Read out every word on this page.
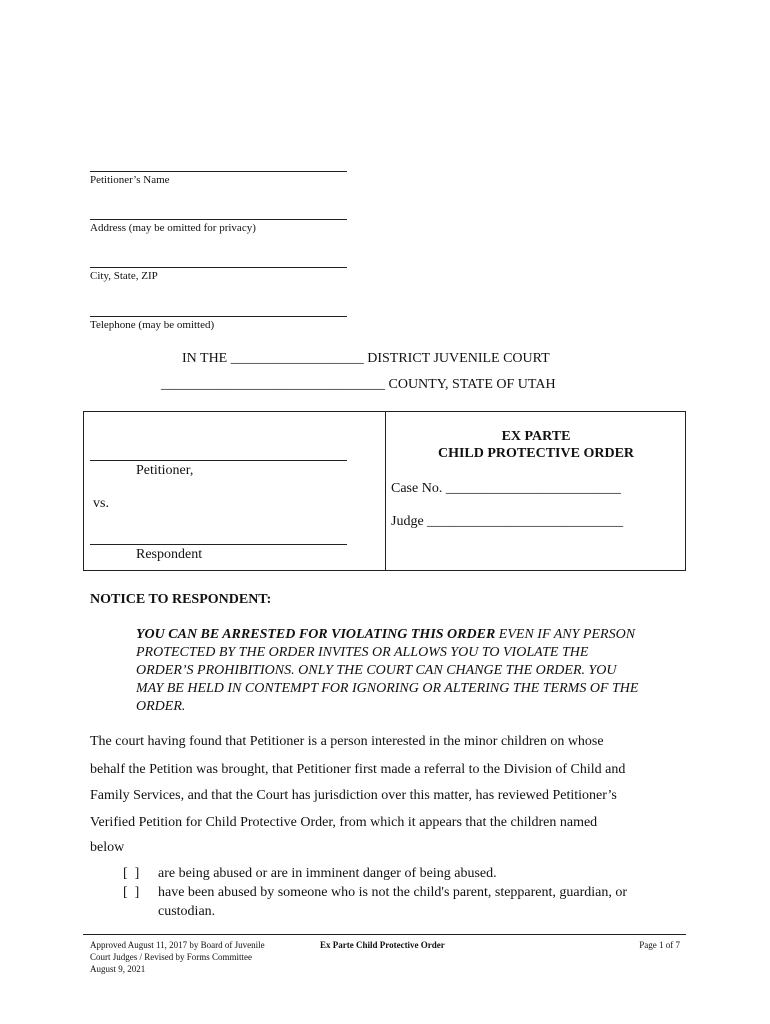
Petitioner’s Name
Address (may be omitted for privacy)
City, State, ZIP
Telephone (may be omitted)
IN THE ___________________ DISTRICT JUVENILE COURT
________________________________ COUNTY, STATE OF UTAH
Petitioner,
vs.
Respondent
EX PARTE
CHILD PROTECTIVE ORDER
Case No. _________________________
Judge ____________________________
NOTICE TO RESPONDENT:
YOU CAN BE ARRESTED FOR VIOLATING THIS ORDER EVEN IF ANY PERSON
PROTECTED BY THE ORDER INVITES OR ALLOWS YOU TO VIOLATE THE
ORDER’S PROHIBITIONS. ONLY THE COURT CAN CHANGE THE ORDER. YOU
MAY BE HELD IN CONTEMPT FOR IGNORING OR ALTERING THE TERMS OF THE
ORDER.
The court having found that Petitioner is a person interested in the minor children on whose
behalf the Petition was brought, that Petitioner first made a referral to the Division of Child and
Family Services, and that the Court has jurisdiction over this matter, has reviewed Petitioner’s
Verified Petition for Child Protective Order, from which it appears that the children named
below
[  ] are being abused or are in imminent danger of being abused.
[  ] have been abused by someone who is not the child's parent, stepparent, guardian, or
custodian.
Approved August 11, 2017 by Board of Juvenile
Court Judges / Revised by Forms Committee
August 9, 2021
Ex Parte Child Protective Order	Page 1 of 7
